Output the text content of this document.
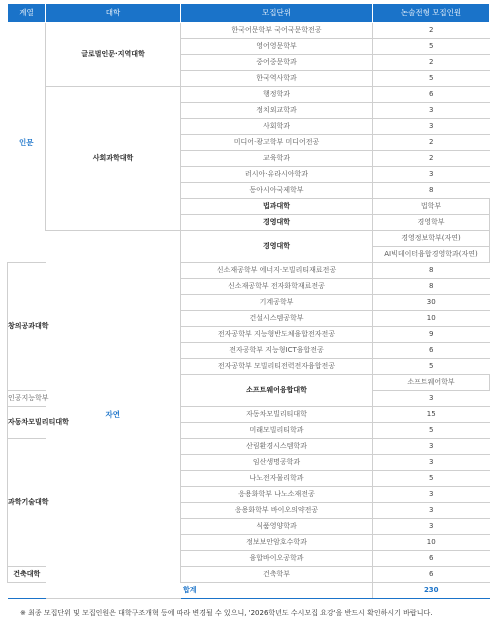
계열	대학	모집단위	논술전형 모집인원	
인문	글로벌인문·지역대학	한국어문학부 국어국문학전공	2	
		영어영문학부	5	
		중어중문학과	2	
		한국역사학과	5	
	사회과학대학	행정학과	6	
		정치외교학과	3	
		사회학과	3	
		미디어·광고학부 미디어전공	2	
		교육학과	2	
		러시아·유라시아학과	3	
		동아시아국제학부	8	
		법과대학	법학부	
		경영대학	경영학부	
	자연	경영대학	경영정보학부(자연)	
			AI빅데이터융합경영학과(자연)	
창의공과대학		신소재공학부 에너지·모빌리티재료전공	8	
		신소재공학부 전자화학재료전공	8	
		기계공학부	30	
		건설시스템공학부	10	
		전자공학부 지능형반도체융합전자전공	9	
		전자공학부 지능형ICT융합전공	6	
		전자공학부 모빌리티전력전자융합전공	5	
		소프트웨어융합대학	소프트웨어학부	
인공지능학부			3	
자동차모빌리티대학		자동차모빌리티대학	15	
		미래모빌리티학과	5	
과학기술대학		산림환경시스템학과	3	
		임산생명공학과	3	
		나노전자물리학과	5	
		응용화학부 나노소재전공	3	
		응용화학부 바이오의약전공	3	
		식품영양학과	3	
		정보보안암호수학과	10	
		융합바이오공학과	6	
건축대학		건축학부	6	
합계			230	
※ 최종 모집단위 및 모집인원은 대학구조개혁 등에 따라 변경될 수 있으니, '2026학년도 수시모집 요강'을 반드시 확인하시기 바랍니다.
